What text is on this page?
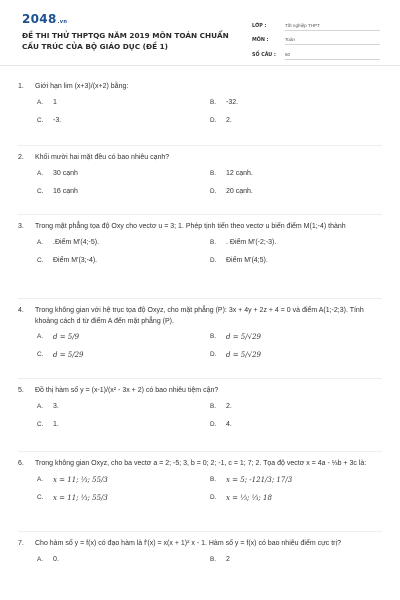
2048.vn
ĐỀ THI THỬ THPTQG NĂM 2019 MÔN TOÁN CHUẨN CẤU TRÚC CỦA BỘ GIÁO DỤC (ĐỀ 1)
LỚP :	Tốt nghiệp THPT
MÔN :	Toán
SỐ CÂU :	50
1.	Giới hạn lim (x+3)/(x+2) bằng:
A.	1	B.	-32.
C.	-3.	D.	2.
2.	Khối mười hai mặt đều có bao nhiêu cạnh?
A.	30 cạnh	B.	12 cạnh.
C.	16 cạnh	D.	20 cạnh.
3.	Trong mặt phẳng tọa độ Oxy cho vectơ u = 3; 1. Phép tịnh tiến theo vectơ u biến điểm M(1;-4) thành
A.	.Điểm M'(4;-5).	B.	. Điểm M'(-2;-3).
C.	Điểm M'(3;-4).	D.	Điểm M'(4;5).
4.	Trong không gian với hệ trục tọa độ Oxyz, cho mặt phẳng (P): 3x + 4y + 2z + 4 = 0 và điểm A(1;-2;3). Tính khoảng cách d từ điểm A đến mặt phẳng (P).
A.	d = 5/9	B.	d = 5/√29
C.	d = 5/29	D.	d = 5/√29
5.	Đồ thị hàm số y = (x-1)/(x² - 3x + 2) có bao nhiêu tiệm cận?
A.	3.	B.	2.
C.	1.	D.	4.
6.	Trong không gian Oxyz, cho ba vectơ a = 2; -5; 3, b = 0; 2; -1, c = 1; 7; 2. Tọa độ vectơ x = 4a - ⅓b + 3c là:
A.	x = 11; ⅓; 55/3	B.	x = 5; -121/3; 17/3
C.	x = 11; ⅓; 55/3	D.	x = ⅓; ⅓; 18
7.	Cho hàm số y = f(x) có đạo hàm là f'(x) = x(x + 1)² x - 1. Hàm số y = f(x) có bao nhiêu điểm cực trị?
A.	0.	B.	2
